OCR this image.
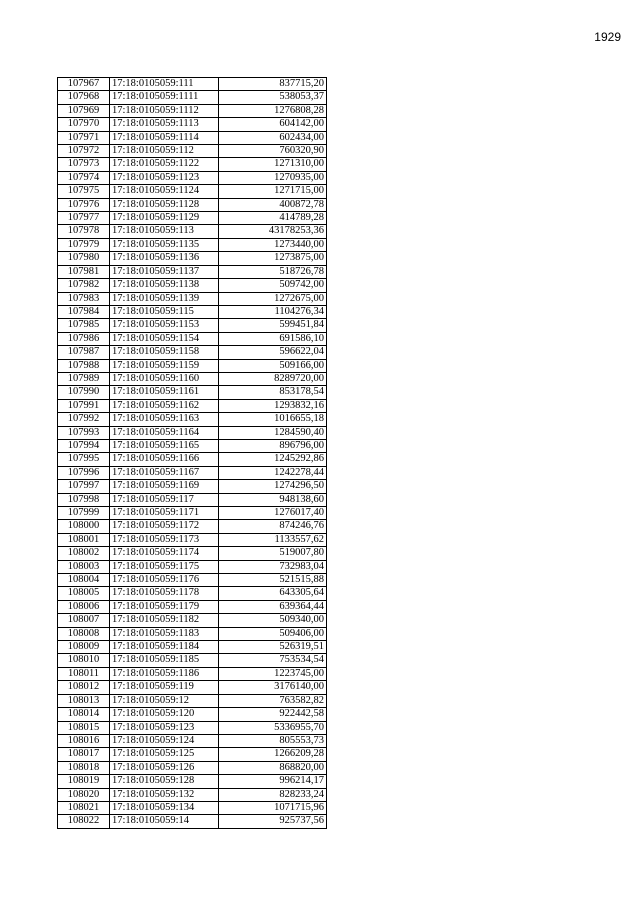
1929
107967	17:18:0105059:111	837715,20
107968	17:18:0105059:1111	538053,37
107969	17:18:0105059:1112	1276808,28
107970	17:18:0105059:1113	604142,00
107971	17:18:0105059:1114	602434,00
107972	17:18:0105059:112	760320,90
107973	17:18:0105059:1122	1271310,00
107974	17:18:0105059:1123	1270935,00
107975	17:18:0105059:1124	1271715,00
107976	17:18:0105059:1128	400872,78
107977	17:18:0105059:1129	414789,28
107978	17:18:0105059:113	43178253,36
107979	17:18:0105059:1135	1273440,00
107980	17:18:0105059:1136	1273875,00
107981	17:18:0105059:1137	518726,78
107982	17:18:0105059:1138	509742,00
107983	17:18:0105059:1139	1272675,00
107984	17:18:0105059:115	1104276,34
107985	17:18:0105059:1153	599451,84
107986	17:18:0105059:1154	691586,10
107987	17:18:0105059:1158	596622,04
107988	17:18:0105059:1159	509166,00
107989	17:18:0105059:1160	8289720,00
107990	17:18:0105059:1161	853178,54
107991	17:18:0105059:1162	1293832,16
107992	17:18:0105059:1163	1016655,18
107993	17:18:0105059:1164	1284590,40
107994	17:18:0105059:1165	896796,00
107995	17:18:0105059:1166	1245292,86
107996	17:18:0105059:1167	1242278,44
107997	17:18:0105059:1169	1274296,50
107998	17:18:0105059:117	948138,60
107999	17:18:0105059:1171	1276017,40
108000	17:18:0105059:1172	874246,76
108001	17:18:0105059:1173	1133557,62
108002	17:18:0105059:1174	519007,80
108003	17:18:0105059:1175	732983,04
108004	17:18:0105059:1176	521515,88
108005	17:18:0105059:1178	643305,64
108006	17:18:0105059:1179	639364,44
108007	17:18:0105059:1182	509340,00
108008	17:18:0105059:1183	509406,00
108009	17:18:0105059:1184	526319,51
108010	17:18:0105059:1185	753534,54
108011	17:18:0105059:1186	1223745,00
108012	17:18:0105059:119	3176140,00
108013	17:18:0105059:12	763582,82
108014	17:18:0105059:120	922442,58
108015	17:18:0105059:123	5336955,70
108016	17:18:0105059:124	805553,73
108017	17:18:0105059:125	1266209,28
108018	17:18:0105059:126	868820,00
108019	17:18:0105059:128	996214,17
108020	17:18:0105059:132	828233,24
108021	17:18:0105059:134	1071715,96
108022	17:18:0105059:14	925737,56
